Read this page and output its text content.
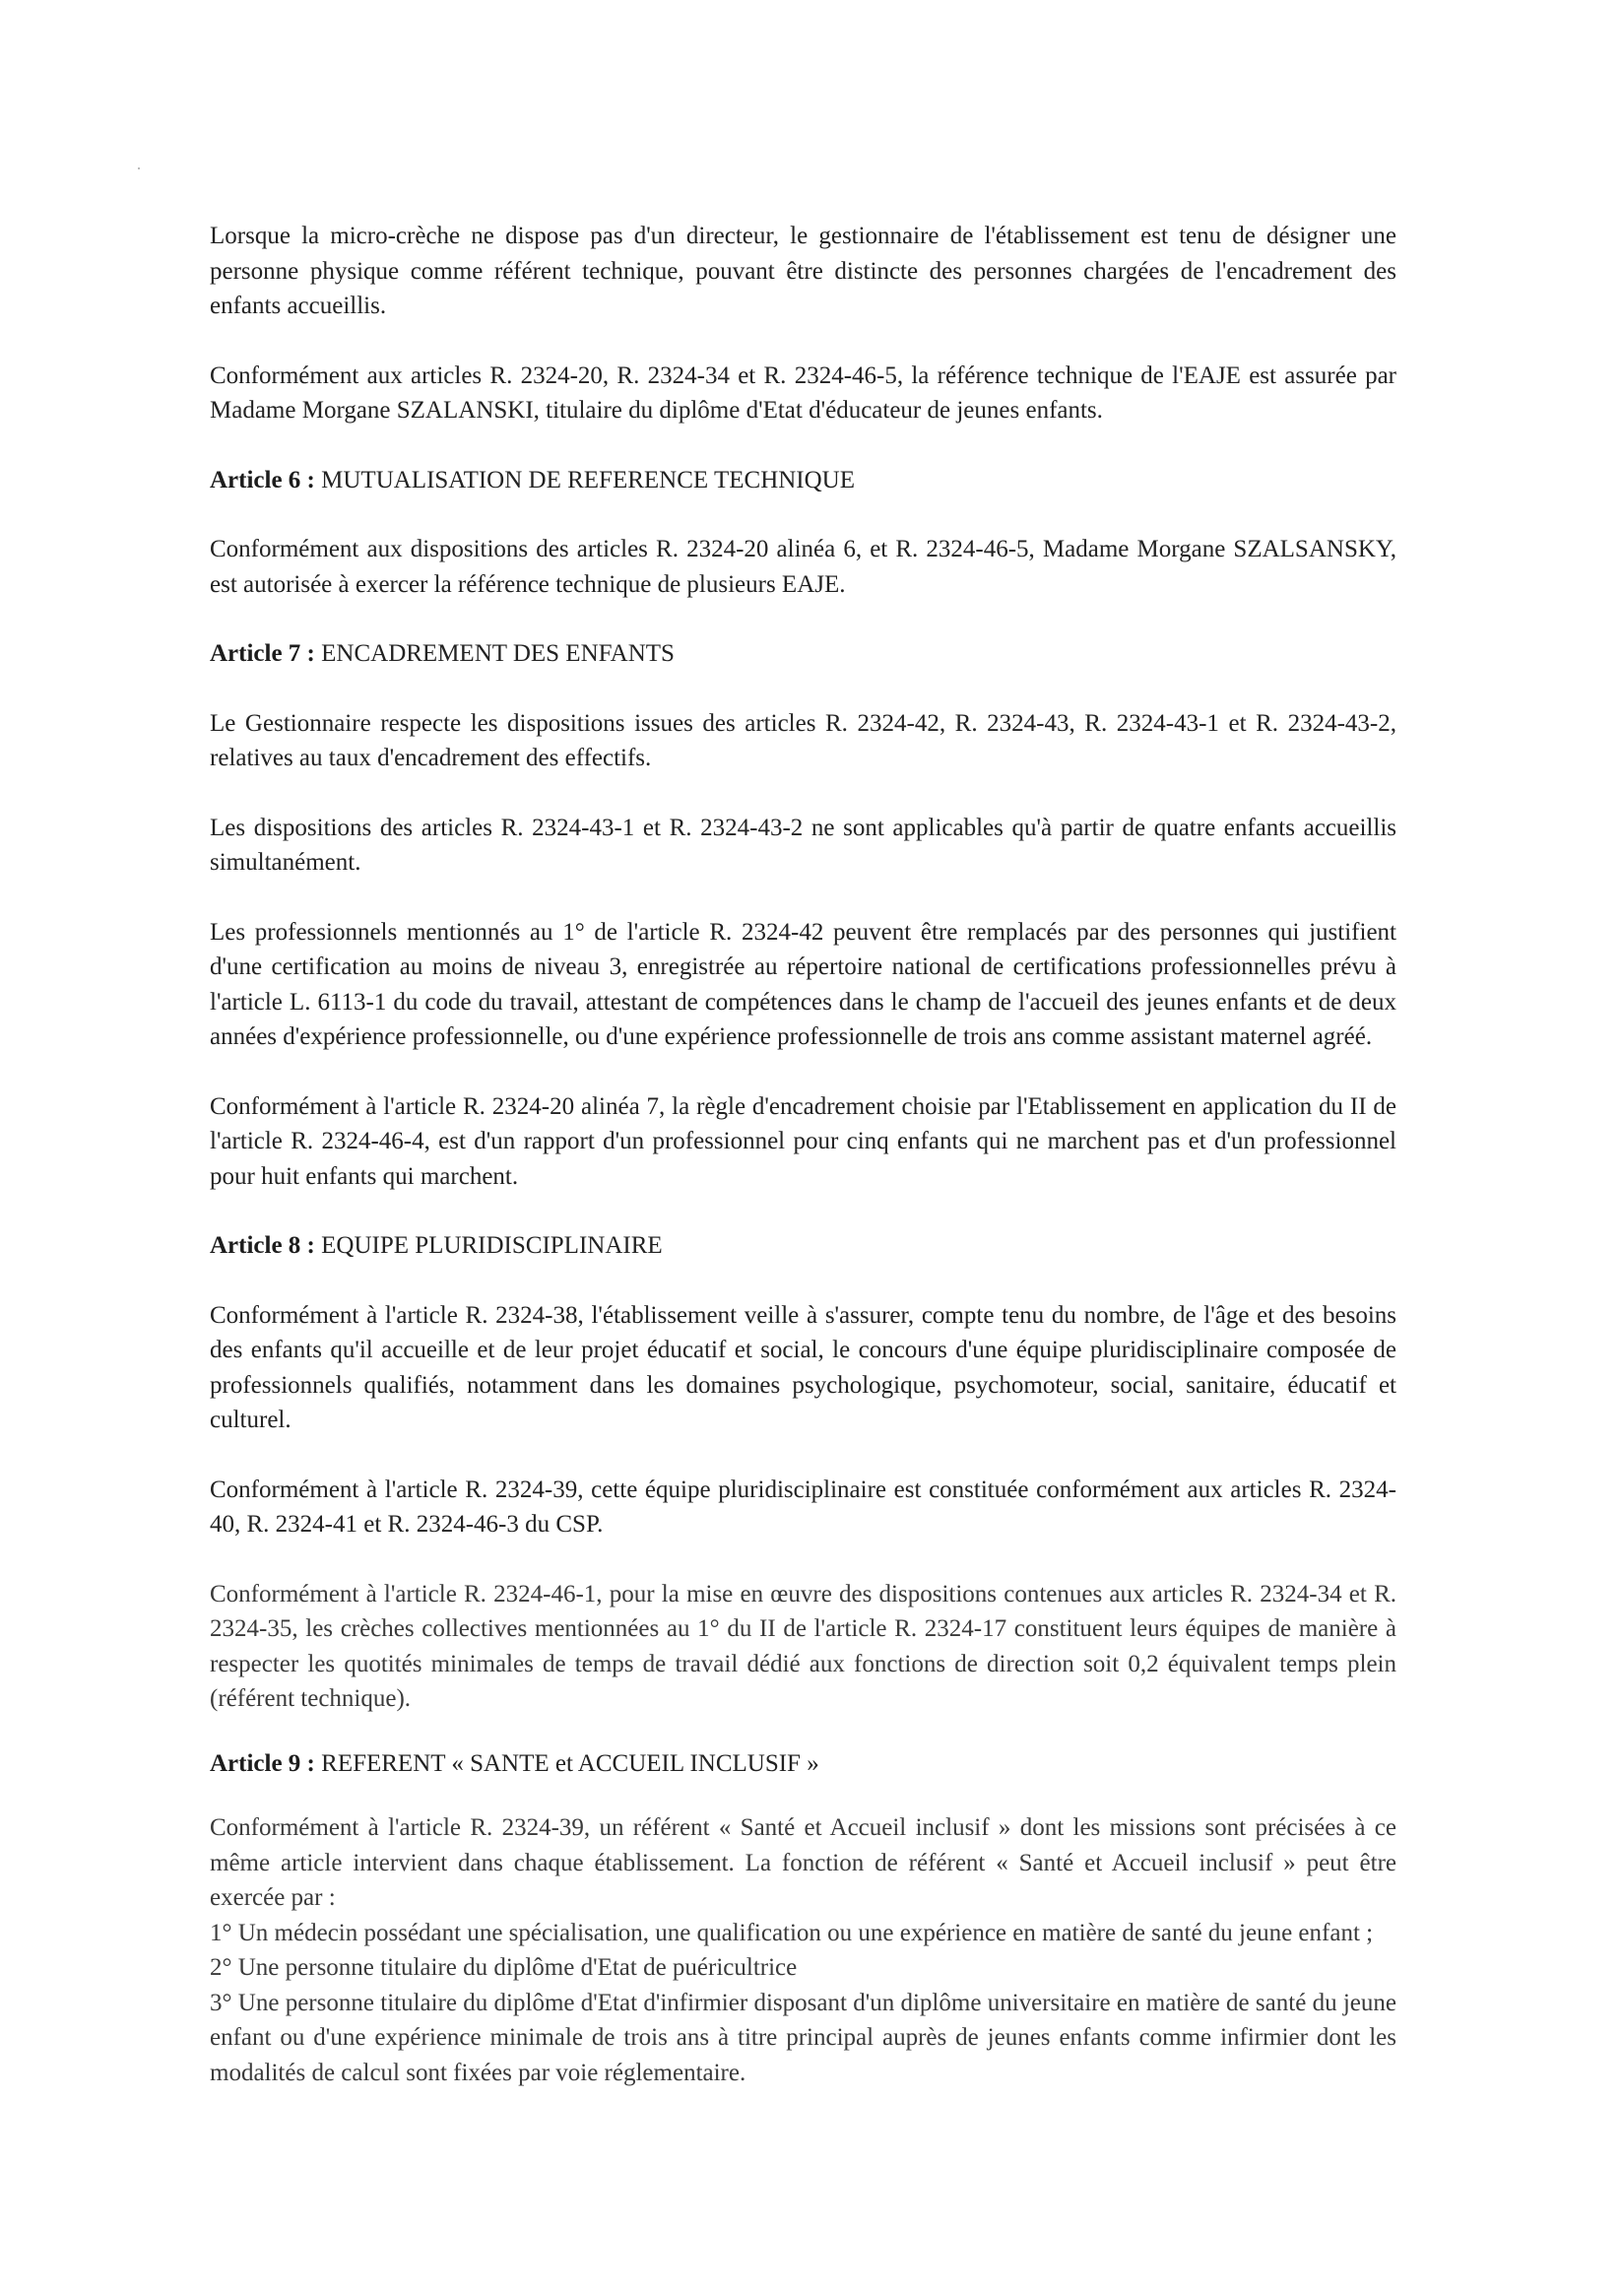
Lorsque la micro-crèche ne dispose pas d'un directeur, le gestionnaire de l'établissement est tenu de désigner une personne physique comme référent technique, pouvant être distincte des personnes chargées de l'encadrement des enfants accueillis.

Conformément aux articles R. 2324-20, R. 2324-34 et R. 2324-46-5, la référence technique de l'EAJE est assurée par Madame Morgane SZALANSKI, titulaire du diplôme d'Etat d'éducateur de jeunes enfants.

Article 6 : MUTUALISATION DE REFERENCE TECHNIQUE

Conformément aux dispositions des articles R. 2324-20 alinéa 6, et R. 2324-46-5, Madame Morgane SZALSANSKY, est autorisée à exercer la référence technique de plusieurs EAJE.

Article 7 : ENCADREMENT DES ENFANTS

Le Gestionnaire respecte les dispositions issues des articles R. 2324-42, R. 2324-43, R. 2324-43-1 et R. 2324-43-2, relatives au taux d'encadrement des effectifs.

Les dispositions des articles R. 2324-43-1 et R. 2324-43-2 ne sont applicables qu'à partir de quatre enfants accueillis simultanément.

Les professionnels mentionnés au 1° de l'article R. 2324-42 peuvent être remplacés par des personnes qui justifient d'une certification au moins de niveau 3, enregistrée au répertoire national de certifications professionnelles prévu à l'article L. 6113-1 du code du travail, attestant de compétences dans le champ de l'accueil des jeunes enfants et de deux années d'expérience professionnelle, ou d'une expérience professionnelle de trois ans comme assistant maternel agréé.

Conformément à l'article R. 2324-20 alinéa 7, la règle d'encadrement choisie par l'Etablissement en application du II de l'article R. 2324-46-4, est d'un rapport d'un professionnel pour cinq enfants qui ne marchent pas et d'un professionnel pour huit enfants qui marchent.

Article 8 : EQUIPE PLURIDISCIPLINAIRE

Conformément à l'article R. 2324-38, l'établissement veille à s'assurer, compte tenu du nombre, de l'âge et des besoins des enfants qu'il accueille et de leur projet éducatif et social, le concours d'une équipe pluridisciplinaire composée de professionnels qualifiés, notamment dans les domaines psychologique, psychomoteur, social, sanitaire, éducatif et culturel.

Conformément à l'article R. 2324-39, cette équipe pluridisciplinaire est constituée conformément aux articles R. 2324-40, R. 2324-41 et R. 2324-46-3 du CSP.

Conformément à l'article R. 2324-46-1, pour la mise en œuvre des dispositions contenues aux articles R. 2324-34 et R. 2324-35, les crèches collectives mentionnées au 1° du II de l'article R. 2324-17 constituent leurs équipes de manière à respecter les quotités minimales de temps de travail dédié aux fonctions de direction soit 0,2 équivalent temps plein (référent technique).

Article 9 : REFERENT « SANTE et ACCUEIL INCLUSIF »

Conformément à l'article R. 2324-39, un référent « Santé et Accueil inclusif » dont les missions sont précisées à ce même article intervient dans chaque établissement. La fonction de référent « Santé et Accueil inclusif » peut être exercée par :

1° Un médecin possédant une spécialisation, une qualification ou une expérience en matière de santé du jeune enfant ;

2° Une personne titulaire du diplôme d'Etat de puéricultrice

3° Une personne titulaire du diplôme d'Etat d'infirmier disposant d'un diplôme universitaire en matière de santé du jeune enfant ou d'une expérience minimale de trois ans à titre principal auprès de jeunes enfants comme infirmier dont les modalités de calcul sont fixées par voie réglementaire.
